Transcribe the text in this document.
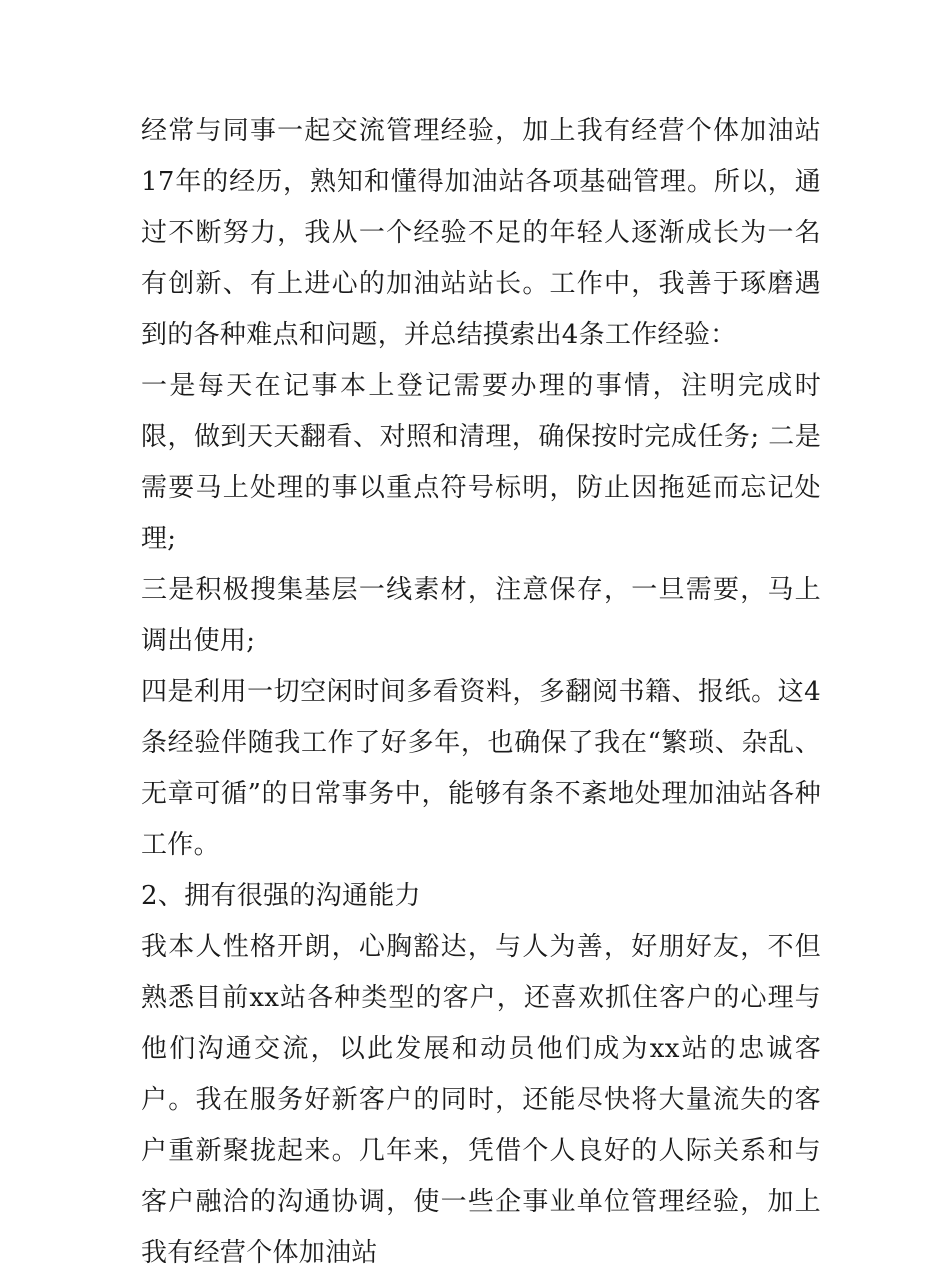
经常与同事一起交流管理经验，加上我有经营个体加油站17年的经历，熟知和懂得加油站各项基础管理。所以，通过不断努力，我从一个经验不足的年轻人逐渐成长为一名有创新、有上进心的加油站站长。工作中，我善于琢磨遇到的各种难点和问题，并总结摸索出4条工作经验：

一是每天在记事本上登记需要办理的事情，注明完成时限，做到天天翻看、对照和清理，确保按时完成任务; 二是需要马上处理的事以重点符号标明，防止因拖延而忘记处理;

三是积极搜集基层一线素材，注意保存，一旦需要，马上调出使用;

四是利用一切空闲时间多看资料，多翻阅书籍、报纸。这4条经验伴随我工作了好多年，也确保了我在“繁琐、杂乱、无章可循”的日常事务中，能够有条不紊地处理加油站各种工作。

2、拥有很强的沟通能力

我本人性格开朗，心胸豁达，与人为善，好朋好友，不但熟悉目前xx站各种类型的客户，还喜欢抓住客户的心理与他们沟通交流，以此发展和动员他们成为xx站的忠诚客户。我在服务好新客户的同时，还能尽快将大量流失的客户重新聚拢起来。几年来，凭借个人良好的人际关系和与客户融洽的沟通协调，使一些企事业单位管理经验，加上我有经营个体加油站
